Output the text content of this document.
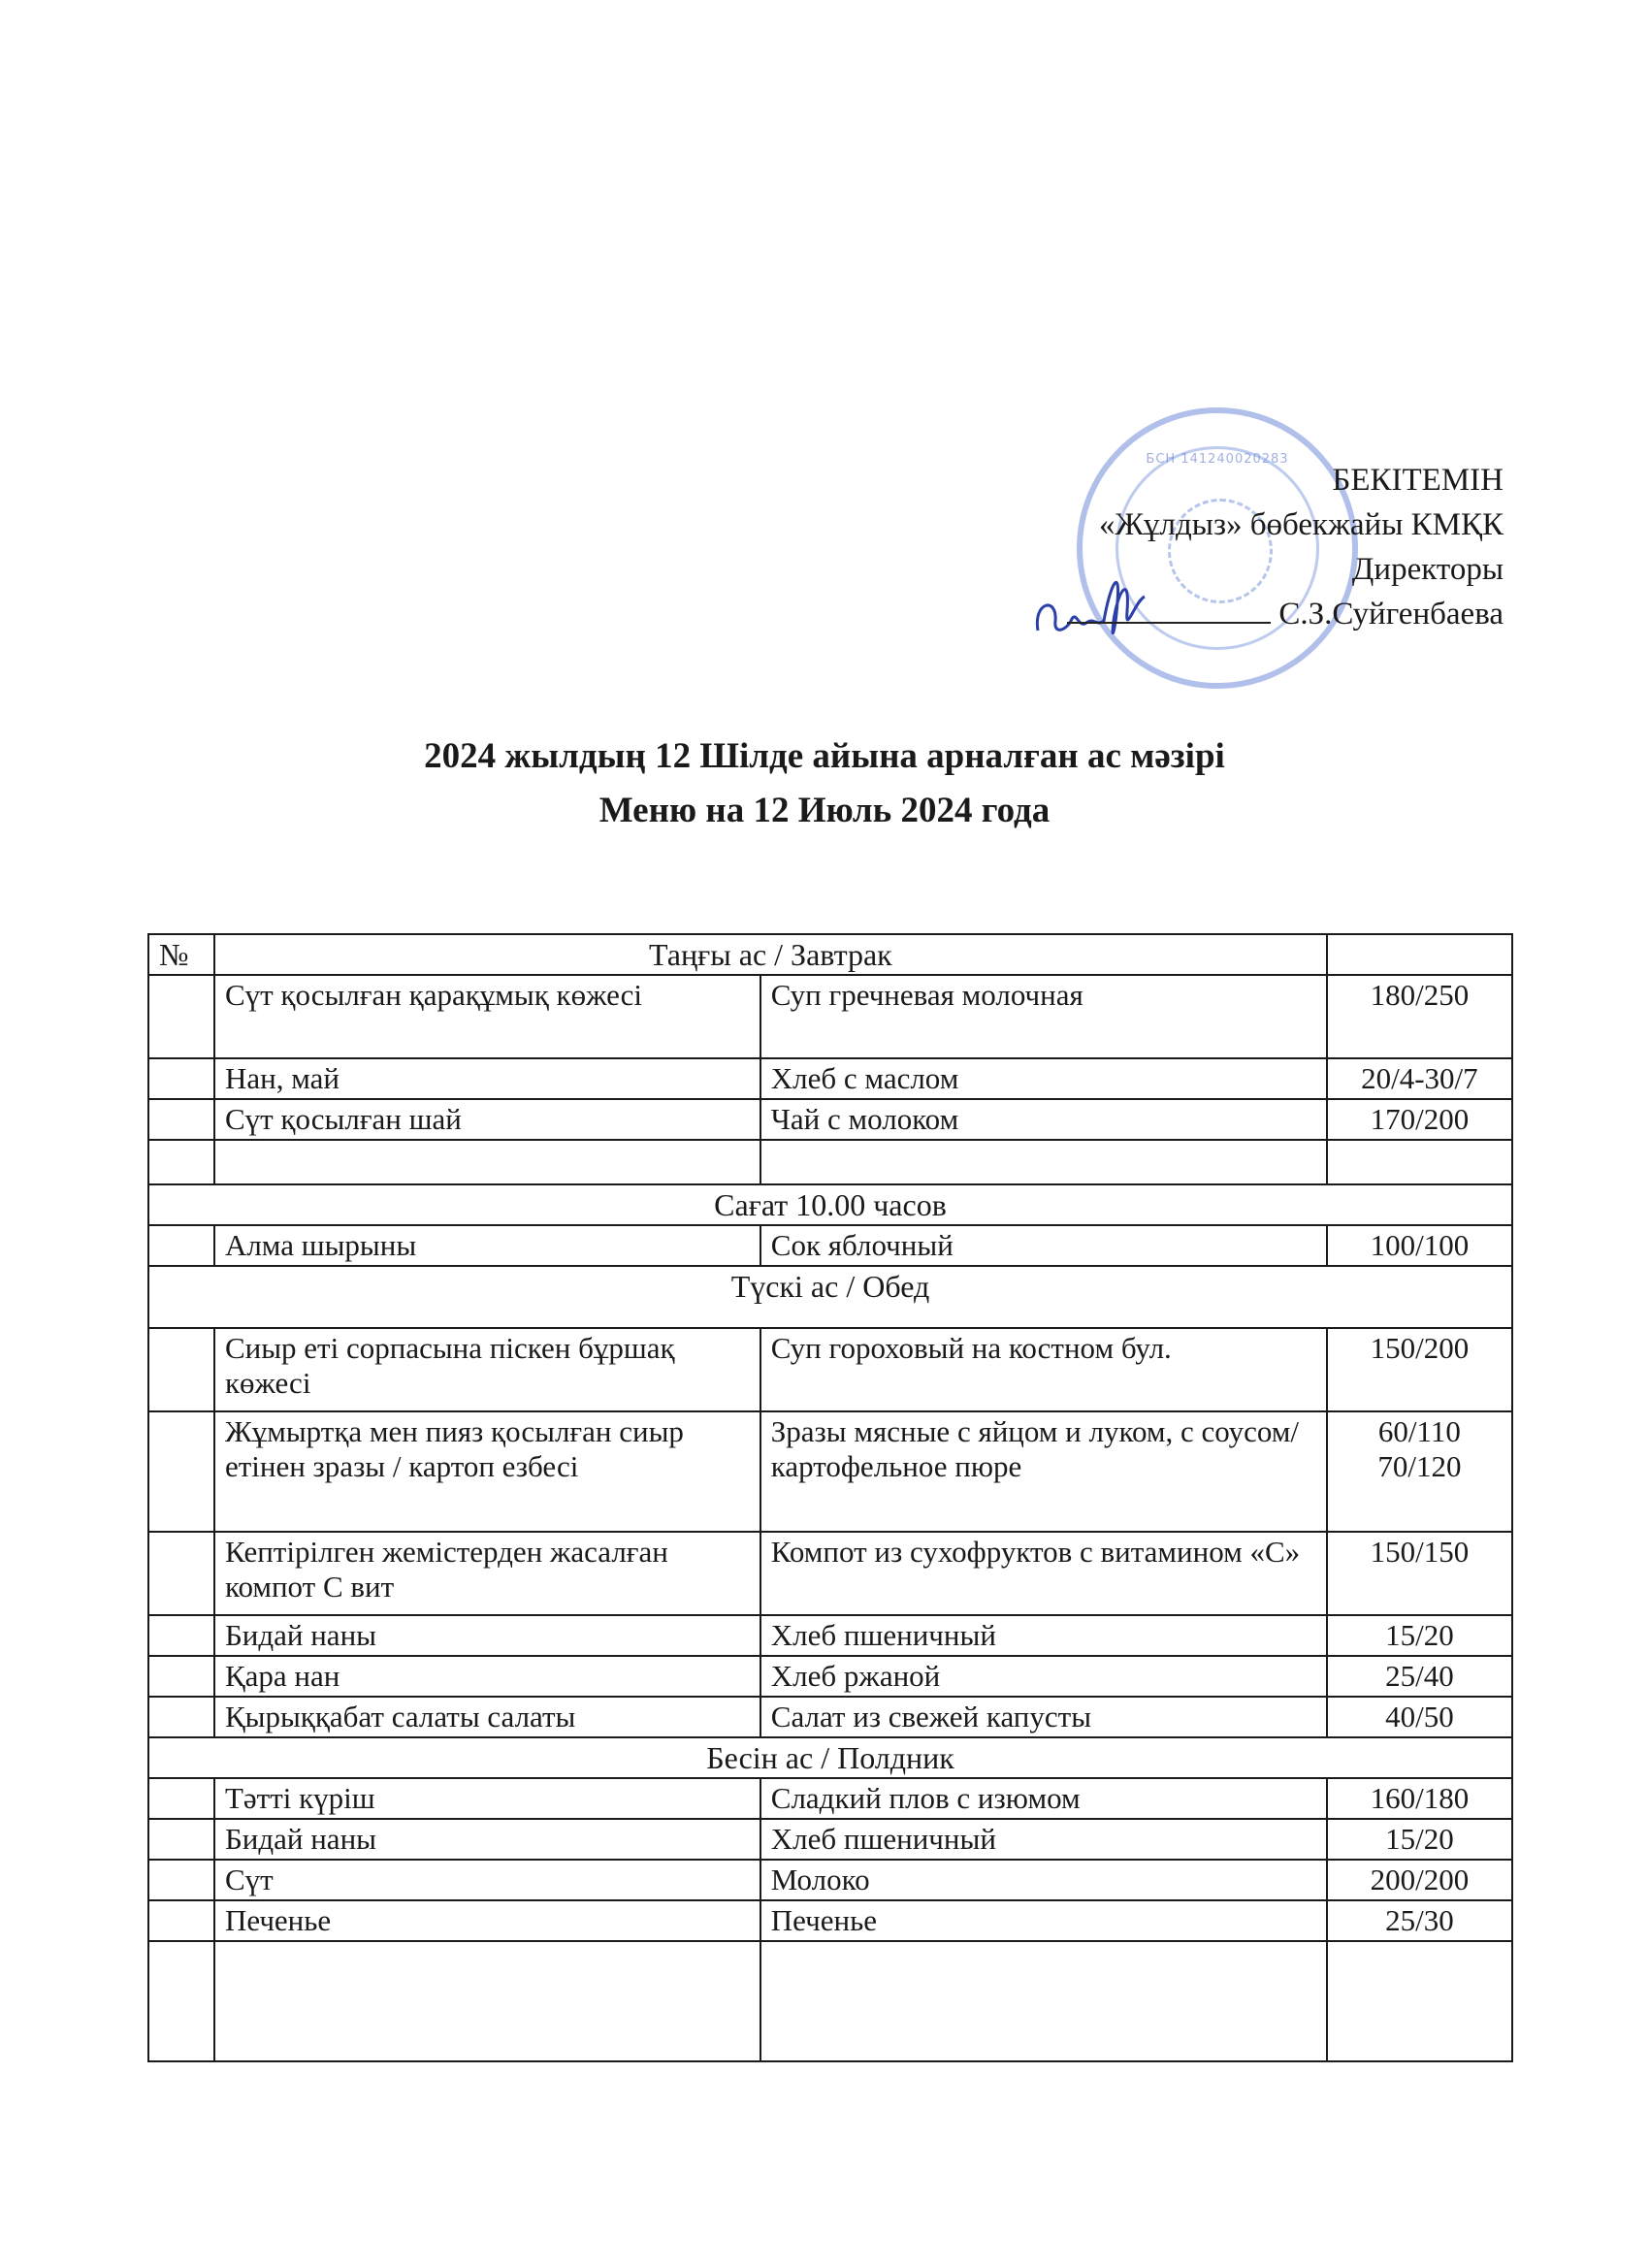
БСН 141240020283
БЕКІТЕМІН
«Жұлдыз» бөбекжайы КМҚК
Директоры
С.З.Суйгенбаева
2024 жылдың 12 Шілде айына арналған ас мәзірі
Меню на 12 Июль 2024 года
№	Таңғы ас / Завтрак		
	Сүт қосылған қарақұмық көжесі	Суп гречневая молочная	180/250
	Нан, май	Хлеб с маслом	20/4-30/7
	Сүт қосылған шай	Чай с молоком	170/200

Сағат 10.00 часов			
	Алма шырыны	Сок яблочный	100/100
Түскі ас / Обед			
	Сиыр еті сорпасына піскен бұршақ көжесі	Суп гороховый на костном бул.	150/200
	Жұмыртқа мен пияз қосылған сиыр етінен зразы / картоп езбесі	Зразы мясные с яйцом и луком, с соусом/ картофельное пюре	60/110 70/120
	Кептірілген жемістерден жасалған компот С вит	Компот из сухофруктов с витамином «С»	150/150
	Бидай наны	Хлеб пшеничный	15/20
	Қара нан	Хлеб ржаной	25/40
	Қырыққабат салаты салаты	Салат из свежей капусты	40/50
Бесін ас / Полдник			
	Тәтті күріш	Сладкий плов с изюмом	160/180
	Бидай наны	Хлеб пшеничный	15/20
	Сүт	Молоко	200/200
	Печенье	Печенье	25/30
